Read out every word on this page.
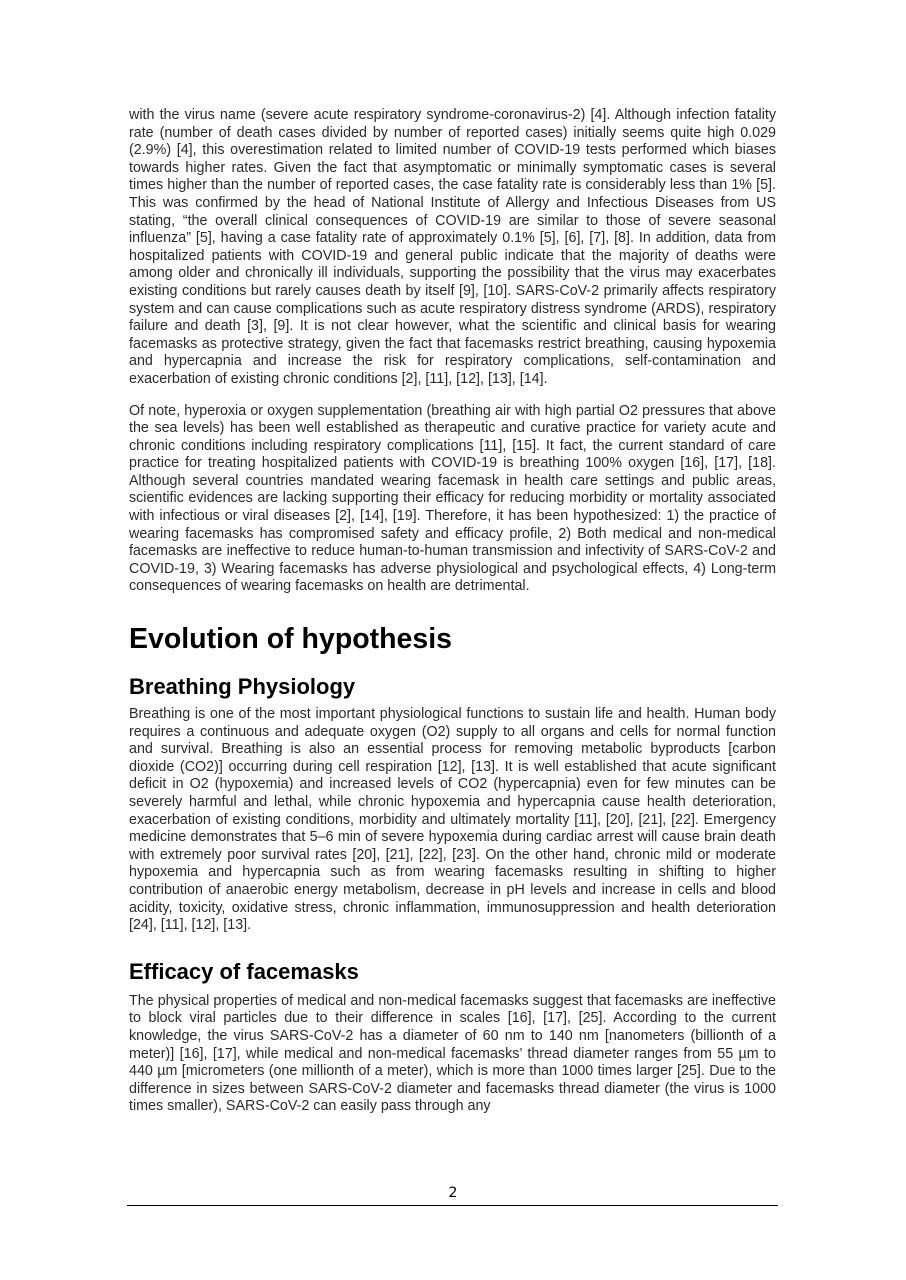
with the virus name (severe acute respiratory syndrome-coronavirus-2) [4]. Although infection fatality rate (number of death cases divided by number of reported cases) initially seems quite high 0.029 (2.9%) [4], this overestimation related to limited number of COVID-19 tests performed which biases towards higher rates. Given the fact that asymptomatic or minimally symptomatic cases is several times higher than the number of reported cases, the case fatality rate is considerably less than 1% [5]. This was confirmed by the head of National Institute of Allergy and Infectious Diseases from US stating, “the overall clinical consequences of COVID-19 are similar to those of severe seasonal influenza” [5], having a case fatality rate of approximately 0.1% [5], [6], [7], [8]. In addition, data from hospitalized patients with COVID-19 and general public indicate that the majority of deaths were among older and chronically ill individuals, supporting the possibility that the virus may exacerbates existing conditions but rarely causes death by itself [9], [10]. SARS-CoV-2 primarily affects respiratory system and can cause complications such as acute respiratory distress syndrome (ARDS), respiratory failure and death [3], [9]. It is not clear however, what the scientific and clinical basis for wearing facemasks as protective strategy, given the fact that facemasks restrict breathing, causing hypoxemia and hypercapnia and increase the risk for respiratory complications, self-contamination and exacerbation of existing chronic conditions [2], [11], [12], [13], [14].

Of note, hyperoxia or oxygen supplementation (breathing air with high partial O2 pressures that above the sea levels) has been well established as therapeutic and curative practice for variety acute and chronic conditions including respiratory complications [11], [15]. It fact, the current standard of care practice for treating hospitalized patients with COVID-19 is breathing 100% oxygen [16], [17], [18]. Although several countries mandated wearing facemask in health care settings and public areas, scientific evidences are lacking supporting their efficacy for reducing morbidity or mortality associated with infectious or viral diseases [2], [14], [19]. Therefore, it has been hypothesized: 1) the practice of wearing facemasks has compromised safety and efficacy profile, 2) Both medical and non-medical facemasks are ineffective to reduce human-to-human transmission and infectivity of SARS-CoV-2 and COVID-19, 3) Wearing facemasks has adverse physiological and psychological effects, 4) Long-term consequences of wearing facemasks on health are detrimental.

Evolution of hypothesis
Breathing Physiology

Breathing is one of the most important physiological functions to sustain life and health. Human body requires a continuous and adequate oxygen (O2) supply to all organs and cells for normal function and survival. Breathing is also an essential process for removing metabolic byproducts [carbon dioxide (CO2)] occurring during cell respiration [12], [13]. It is well established that acute significant deficit in O2 (hypoxemia) and increased levels of CO2 (hypercapnia) even for few minutes can be severely harmful and lethal, while chronic hypoxemia and hypercapnia cause health deterioration, exacerbation of existing conditions, morbidity and ultimately mortality [11], [20], [21], [22]. Emergency medicine demonstrates that 5–6 min of severe hypoxemia during cardiac arrest will cause brain death with extremely poor survival rates [20], [21], [22], [23]. On the other hand, chronic mild or moderate hypoxemia and hypercapnia such as from wearing facemasks resulting in shifting to higher contribution of anaerobic energy metabolism, decrease in pH levels and increase in cells and blood acidity, toxicity, oxidative stress, chronic inflammation, immunosuppression and health deterioration [24], [11], [12], [13].

Efficacy of facemasks

The physical properties of medical and non-medical facemasks suggest that facemasks are ineffective to block viral particles due to their difference in scales [16], [17], [25]. According to the current knowledge, the virus SARS-CoV-2 has a diameter of 60 nm to 140 nm [nanometers (billionth of a meter)] [16], [17], while medical and non-medical facemasks’ thread diameter ranges from 55 µm to 440 µm [micrometers (one millionth of a meter), which is more than 1000 times larger [25]. Due to the difference in sizes between SARS-CoV-2 diameter and facemasks thread diameter (the virus is 1000 times smaller), SARS-CoV-2 can easily pass through any

2
